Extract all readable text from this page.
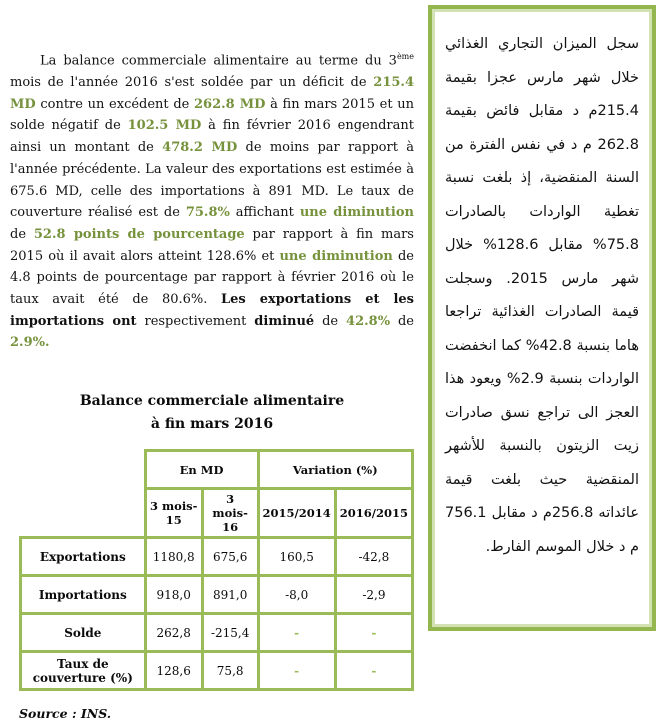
La balance commerciale alimentaire au terme du 3ème mois de l'année 2016 s'est soldée par un déficit de 215.4 MD contre un excédent de 262.8 MD à fin mars 2015 et un solde négatif de 102.5 MD à fin février 2016 engendrant ainsi un montant de 478.2 MD de moins par rapport à l'année précédente. La valeur des exportations est estimée à 675.6 MD, celle des importations à 891 MD. Le taux de couverture réalisé est de 75.8% affichant une diminution de 52.8 points de pourcentage par rapport à fin mars 2015 où il avait alors atteint 128.6% et une diminution de 4.8 points de pourcentage par rapport à février 2016 où le taux avait été de 80.6%. Les exportations et les importations ont respectivement diminué de 42.8% de 2.9%.

Balance commerciale alimentaire
à fin mars 2016
	En MD		Variation (%)	
	3 mois-15	3 mois-16	2015/2014	2016/2015
Exportations	1180,8	675,6	160,5	-42,8
Importations	918,0	891,0	-8,0	-2,9
Solde	262,8	-215,4	-	-
Taux de couverture (%)	128,6	75,8	-	-

Source : INS.

سجل الميزان التجاري الغذائي خلال شهر مارس عجزا بقيمة 215.4م د مقابل فائض بقيمة 262.8 م د في نفس الفترة من السنة المنقضية، إذ بلغت نسبة تغطية الواردات بالصادرات 75.8% مقابل 128.6% خلال شهر مارس 2015. وسجلت قيمة الصادرات الغذائية تراجعا هاما بنسبة 42.8% كما انخفضت الواردات بنسبة 2.9% ويعود هذا العجز الى تراجع نسق صادرات زيت الزيتون بالنسبة للأشهر المنقضية حيث بلغت قيمة عائداته 256.8م د مقابل 756.1 م د خلال الموسم الفارط.
